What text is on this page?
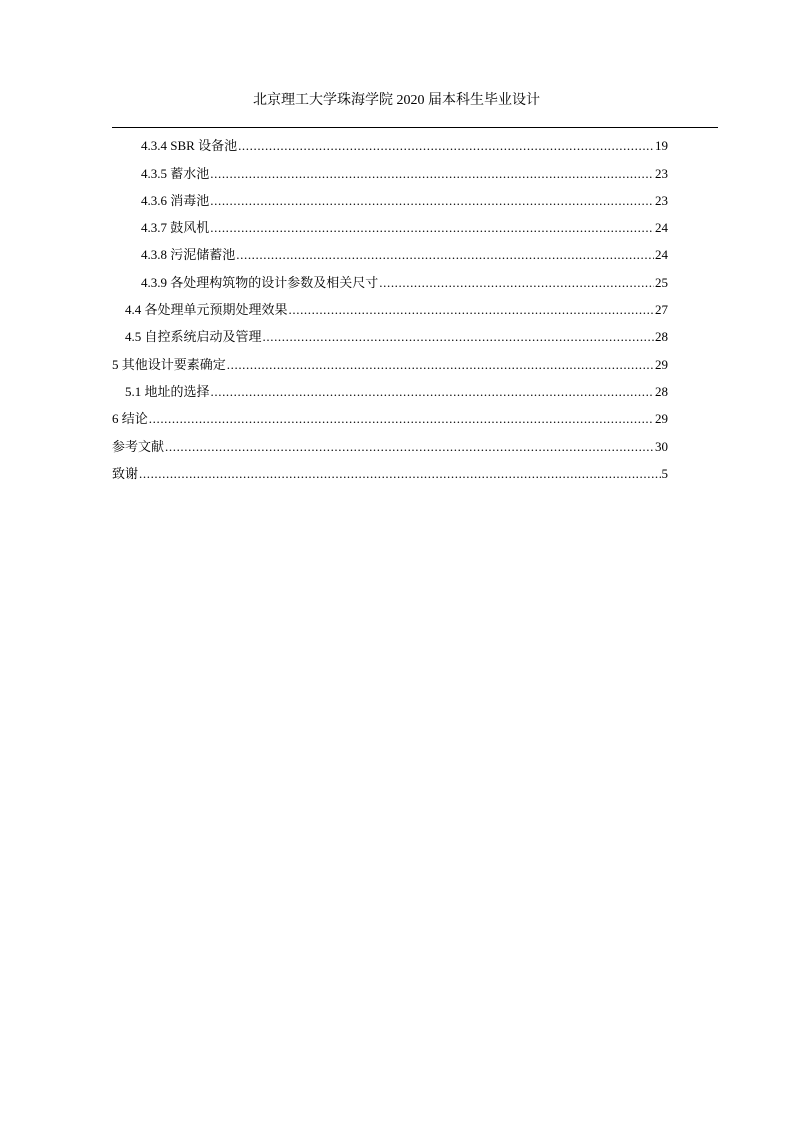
北京理工大学珠海学院 2020 届本科生毕业设计
4.3.4 SBR 设备池 .....	19
4.3.5 蓄水池 .....	23
4.3.6 消毒池 .....	23
4.3.7 鼓风机 .....	24
4.3.8 污泥储蓄池 .....	24
4.3.9 各处理构筑物的设计参数及相关尺寸 .....	25
4.4 各处理单元预期处理效果 .....	27
4.5 自控系统启动及管理 .....	28
5 其他设计要素确定 .....	29
5.1 地址的选择 .....	28
6 结论 .....	29
参考文献 .....	30
致谢 .....	5
